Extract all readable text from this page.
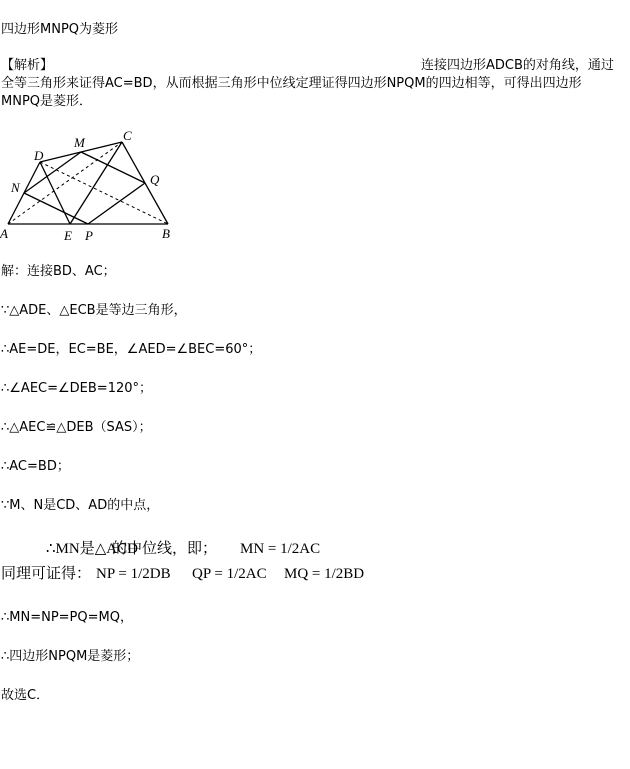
四边形MNPQ为菱形
【解析】	连接四边形ADCB的对角线，通过
全等三角形来证得AC=BD，从而根据三角形中位线定理证得四边形NPQM的四边相等，可得出四边形
MNPQ是菱形．
A	E P	B
N
D
M	C
Q
解：连接BD、AC；
∵△ADE、△ECB是等边三角形，
∴AE=DE，EC=BE，∠AED=∠BEC=60°；
∴∠AEC=∠DEB=120°；
∴△AEC≌△DEB（SAS）；
∴AC=BD；
∵M、N是CD、AD的中点，
∴MN是△ACD
的中位线，即； MN = 1/2AC
同理可证得： NP = 1/2DB QP = 1/2AC MQ = 1/2BD
∴MN=NP=PQ=MQ，
∴四边形NPQM是菱形；
故选C．
